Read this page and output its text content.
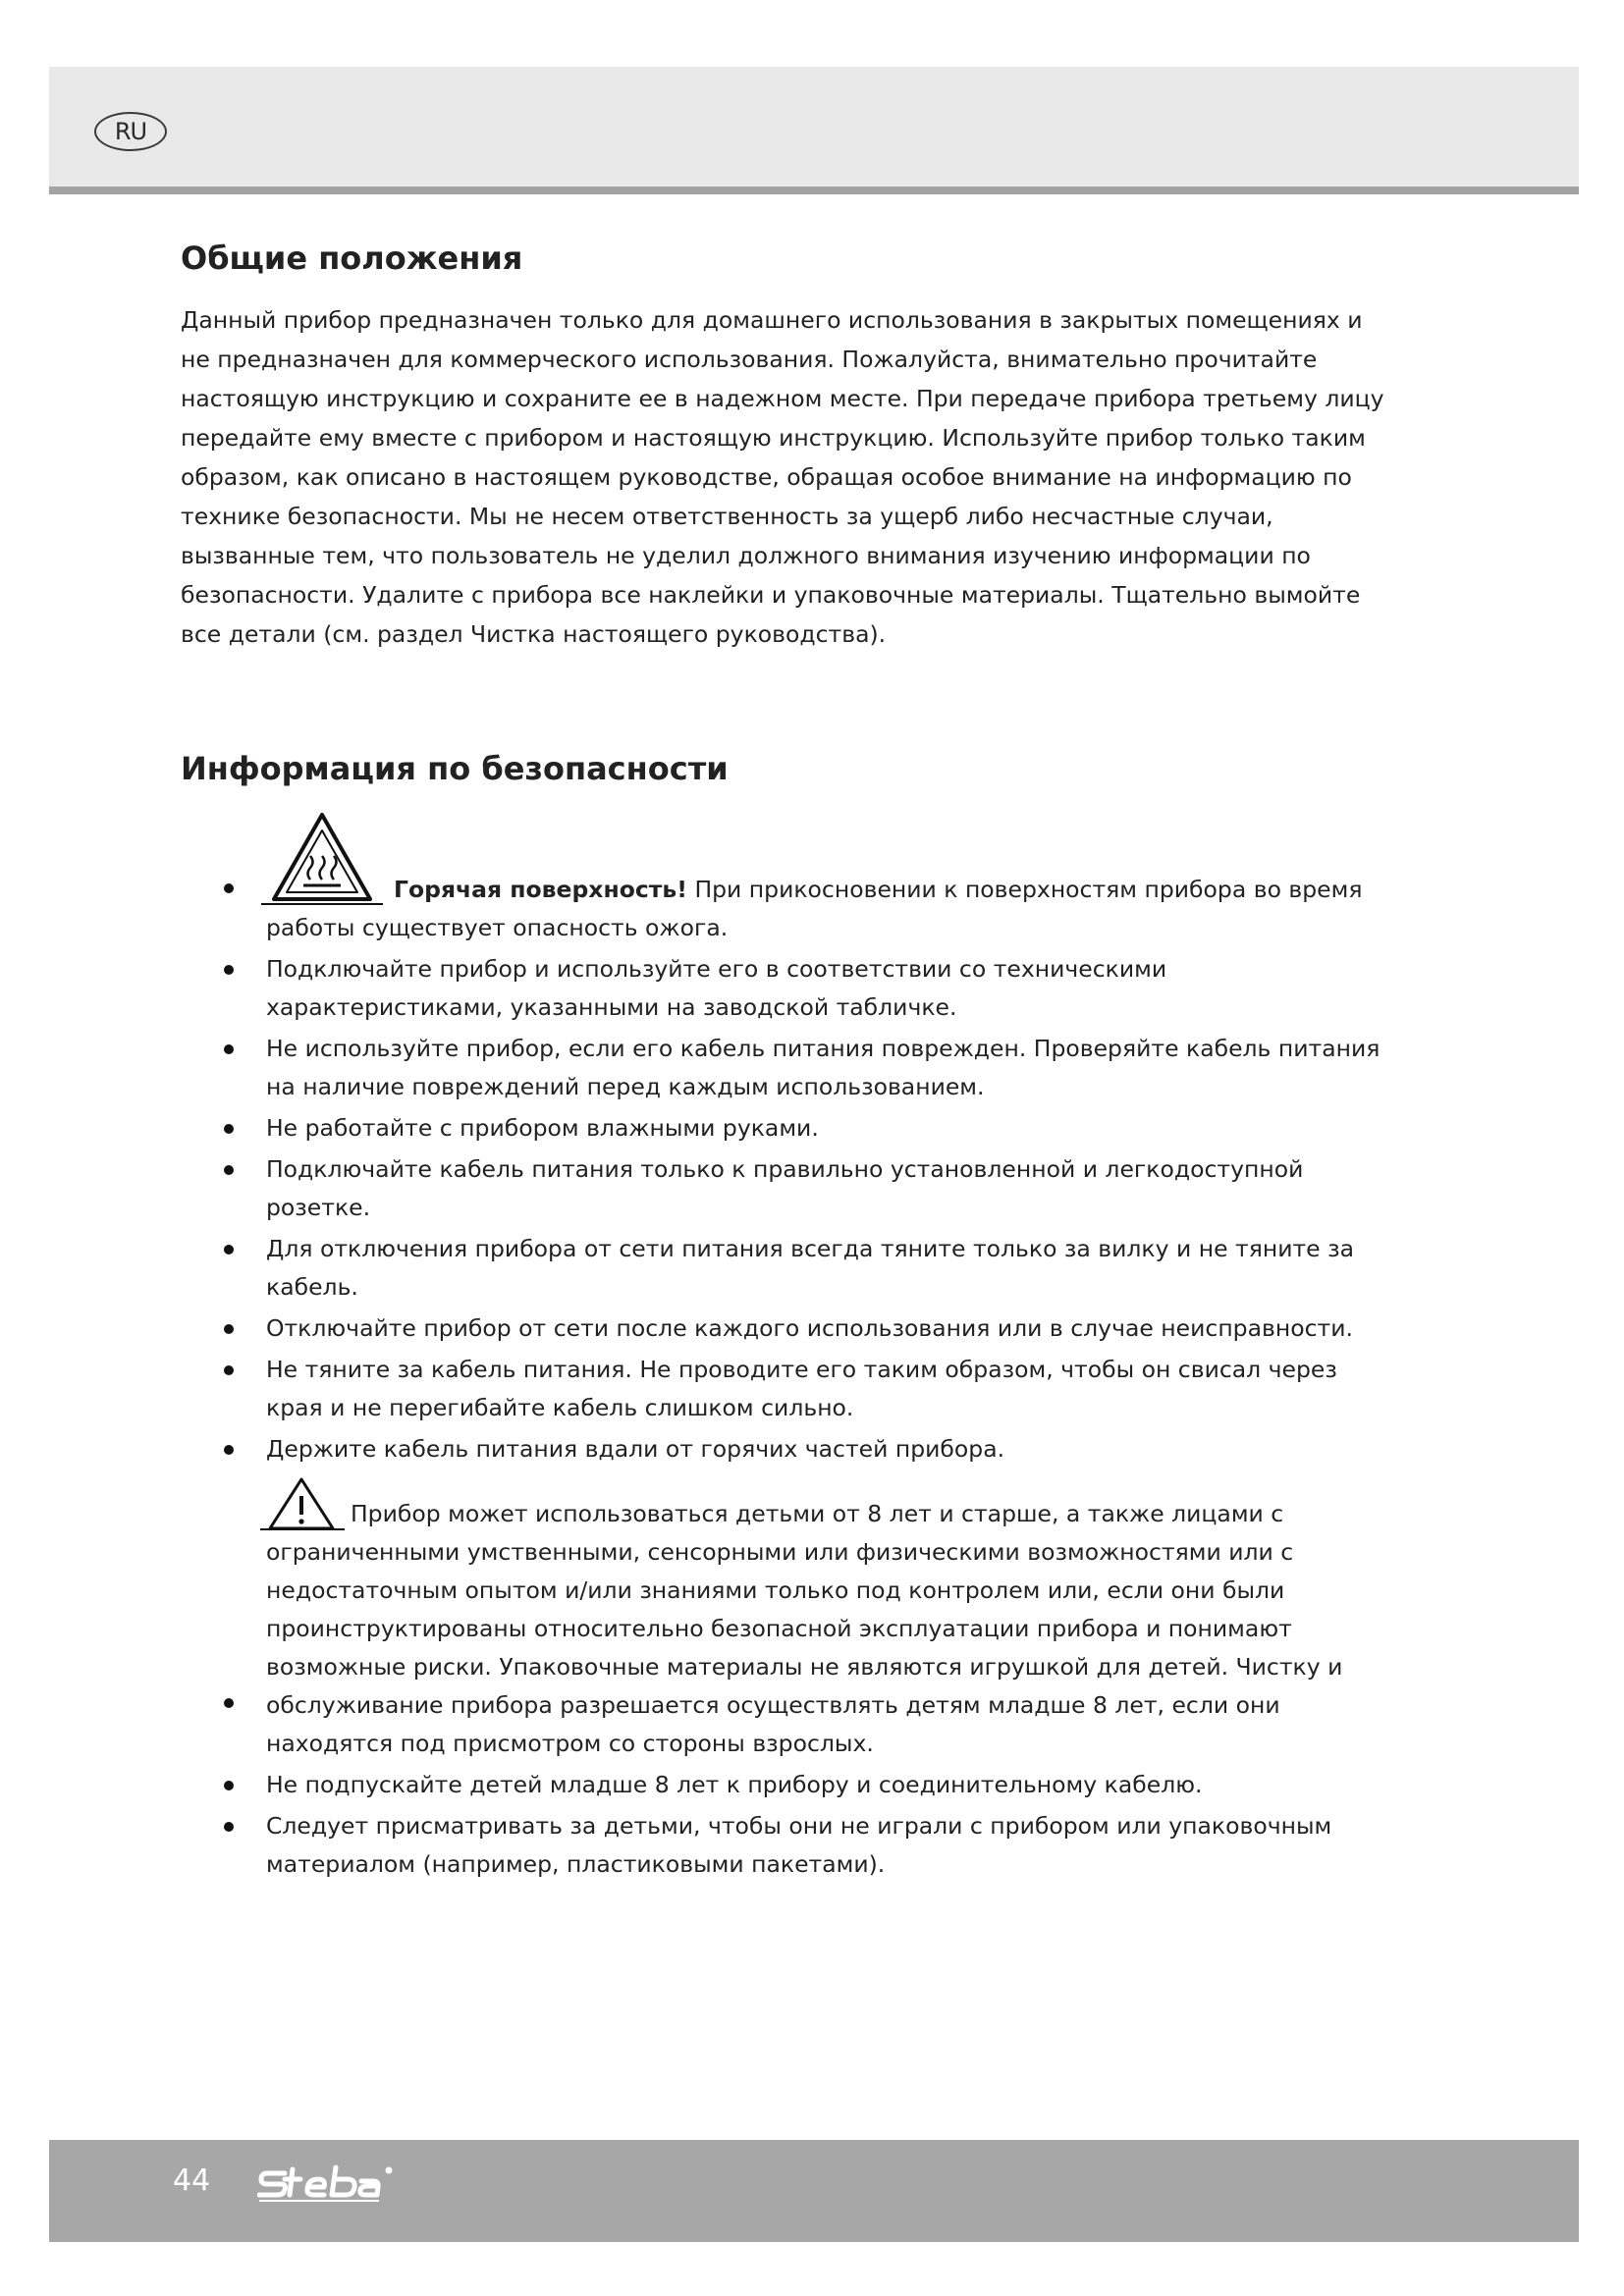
RU
Общие положения

Данный прибор предназначен только для домашнего использования в закрытых помещениях и не предназначен для коммерческого использования. Пожалуйста, внимательно прочитайте настоящую инструкцию и сохраните ее в надежном месте. При передаче прибора третьему лицу передайте ему вместе с прибором и настоящую инструкцию. Используйте прибор только таким образом, как описано в настоящем руководстве, обращая особое внимание на информацию по технике безопасности. Мы не несем ответственность за ущерб либо несчастные случаи, вызванные тем, что пользователь не уделил должного внимания изучению информации по безопасности. Удалите с прибора все наклейки и упаковочные материалы. Тщательно вымойте все детали (см. раздел Чистка настоящего руководства).

Информация по безопасности
Горячая поверхность! При прикосновении к поверхностям прибора во время работы существует опасность ожога.
Подключайте прибор и используйте его в соответствии со техническими характеристиками, указанными на заводской табличке.
Не используйте прибор, если его кабель питания поврежден. Проверяйте кабель питания на наличие повреждений перед каждым использованием.
Не работайте с прибором влажными руками.
Подключайте кабель питания только к правильно установленной и легкодоступной розетке.
Для отключения прибора от сети питания всегда тяните только за вилку и не тяните за кабель.
Отключайте прибор от сети после каждого использования или в случае неисправности.
Не тяните за кабель питания. Не проводите его таким образом, чтобы он свисал через края и не перегибайте кабель слишком сильно.
Держите кабель питания вдали от горячих частей прибора.
Прибор может использоваться детьми от 8 лет и старше, а также лицами с ограниченными умственными, сенсорными или физическими возможностями или с недостаточным опытом и/или знаниями только под контролем или, если они были проинструктированы относительно безопасной эксплуатации прибора и понимают возможные риски. Упаковочные материалы не являются игрушкой для детей. Чистку и обслуживание прибора разрешается осуществлять детям младше 8 лет, если они находятся под присмотром со стороны взрослых.
Не подпускайте детей младше 8 лет к прибору и соединительному кабелю.
Следует присматривать за детьми, чтобы они не играли с прибором или упаковочным материалом (например, пластиковыми пакетами).
44
